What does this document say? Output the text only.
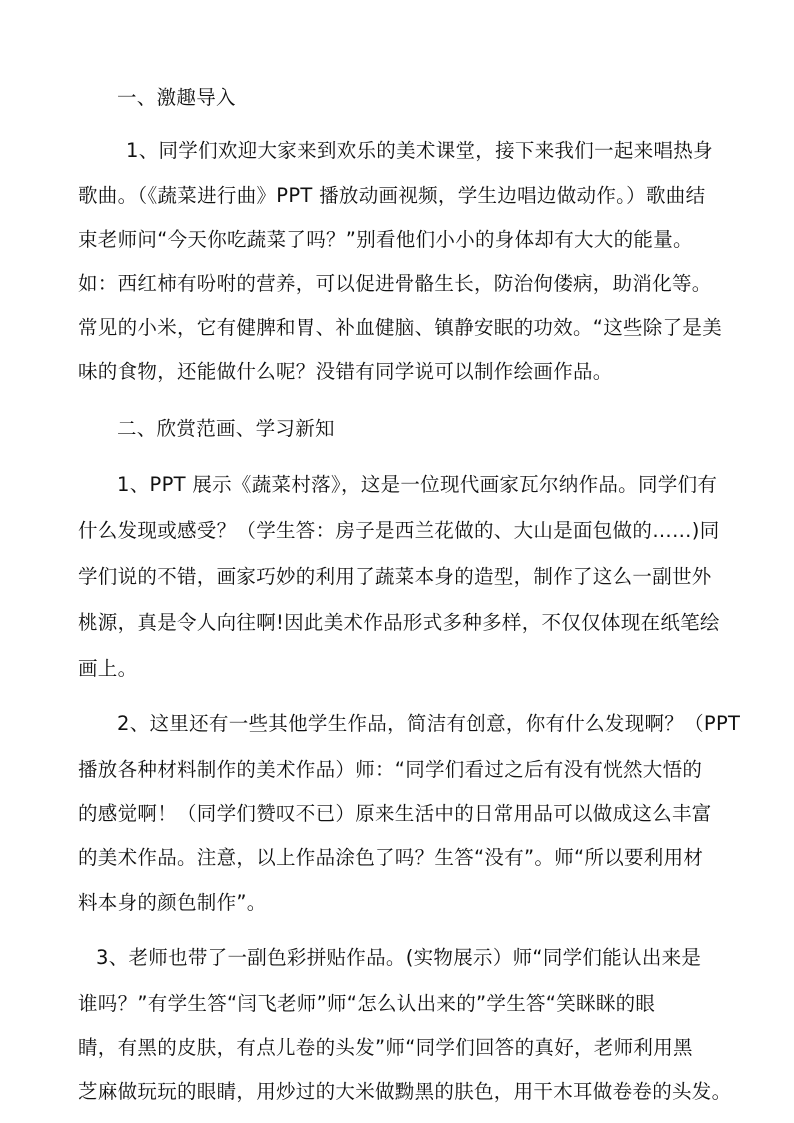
一、激趣导入
1、同学们欢迎大家来到欢乐的美术课堂，接下来我们一起来唱热身
歌曲。（《蔬菜进行曲》PPT 播放动画视频，学生边唱边做动作。）歌曲结
束老师问“今天你吃蔬菜了吗？”别看他们小小的身体却有大大的能量。
如：西红柿有吩咐的营养，可以促进骨骼生长，防治佝偻病，助消化等。
常见的小米，它有健脾和胃、补血健脑、镇静安眠的功效。“这些除了是美
味的食物，还能做什么呢？没错有同学说可以制作绘画作品。
二、欣赏范画、学习新知
1、PPT 展示《蔬菜村落》，这是一位现代画家瓦尔纳作品。同学们有
什么发现或感受？（学生答：房子是西兰花做的、大山是面包做的……)同
学们说的不错，画家巧妙的利用了蔬菜本身的造型，制作了这么一副世外
桃源，真是令人向往啊!因此美术作品形式多种多样，不仅仅体现在纸笔绘
画上。
2、这里还有一些其他学生作品，简洁有创意，你有什么发现啊？（PPT
播放各种材料制作的美术作品）师：“同学们看过之后有没有恍然大悟的
的感觉啊！（同学们赞叹不已）原来生活中的日常用品可以做成这么丰富
的美术作品。注意，以上作品涂色了吗？生答“没有”。师“所以要利用材
料本身的颜色制作”。
3、老师也带了一副色彩拼贴作品。(实物展示）师“同学们能认出来是
谁吗？”有学生答“闫飞老师”师“怎么认出来的”学生答“笑眯眯的眼
睛，有黑的皮肤，有点儿卷的头发”师“同学们回答的真好，老师利用黑
芝麻做玩玩的眼睛，用炒过的大米做黝黑的肤色，用干木耳做卷卷的头发。
